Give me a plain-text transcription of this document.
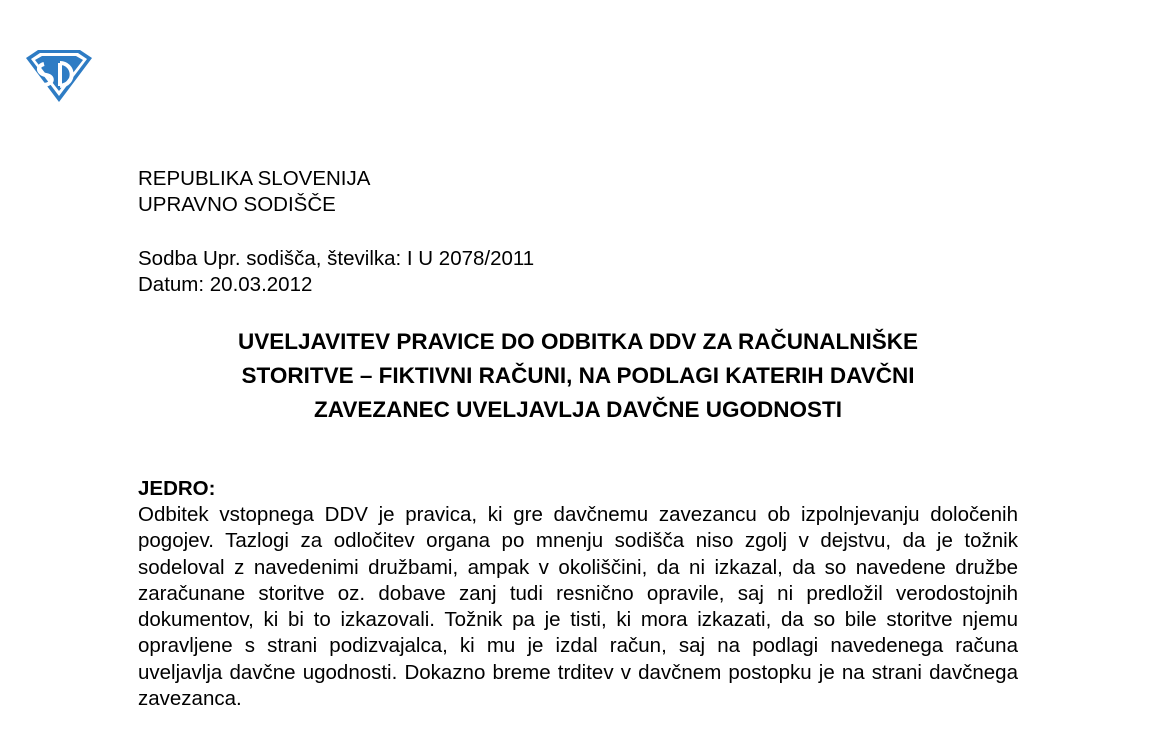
REPUBLIKA SLOVENIJA
UPRAVNO SODIŠČE
Sodba Upr. sodišča, številka: I U 2078/2011
Datum: 20.03.2012
UVELJAVITEV PRAVICE DO ODBITKA DDV ZA RAČUNALNIŠKE
STORITVE – FIKTIVNI RAČUNI, NA PODLAGI KATERIH DAVČNI
ZAVEZANEC UVELJAVLJA DAVČNE UGODNOSTI
JEDRO:
Odbitek vstopnega DDV je pravica, ki gre davčnemu zavezancu ob izpolnjevanju določenih pogojev. Tazlogi za odločitev organa po mnenju sodišča niso zgolj v dejstvu, da je tožnik sodeloval z navedenimi družbami, ampak v okoliščini, da ni izkazal, da so navedene družbe zaračunane storitve oz. dobave zanj tudi resnično opravile, saj ni predložil verodostojnih dokumentov, ki bi to izkazovali. Tožnik pa je tisti, ki mora izkazati, da so bile storitve njemu opravljene s strani podizvajalca, ki mu je izdal račun, saj na podlagi navedenega računa uveljavlja davčne ugodnosti. Dokazno breme trditev v davčnem postopku je na strani davčnega zavezanca.
